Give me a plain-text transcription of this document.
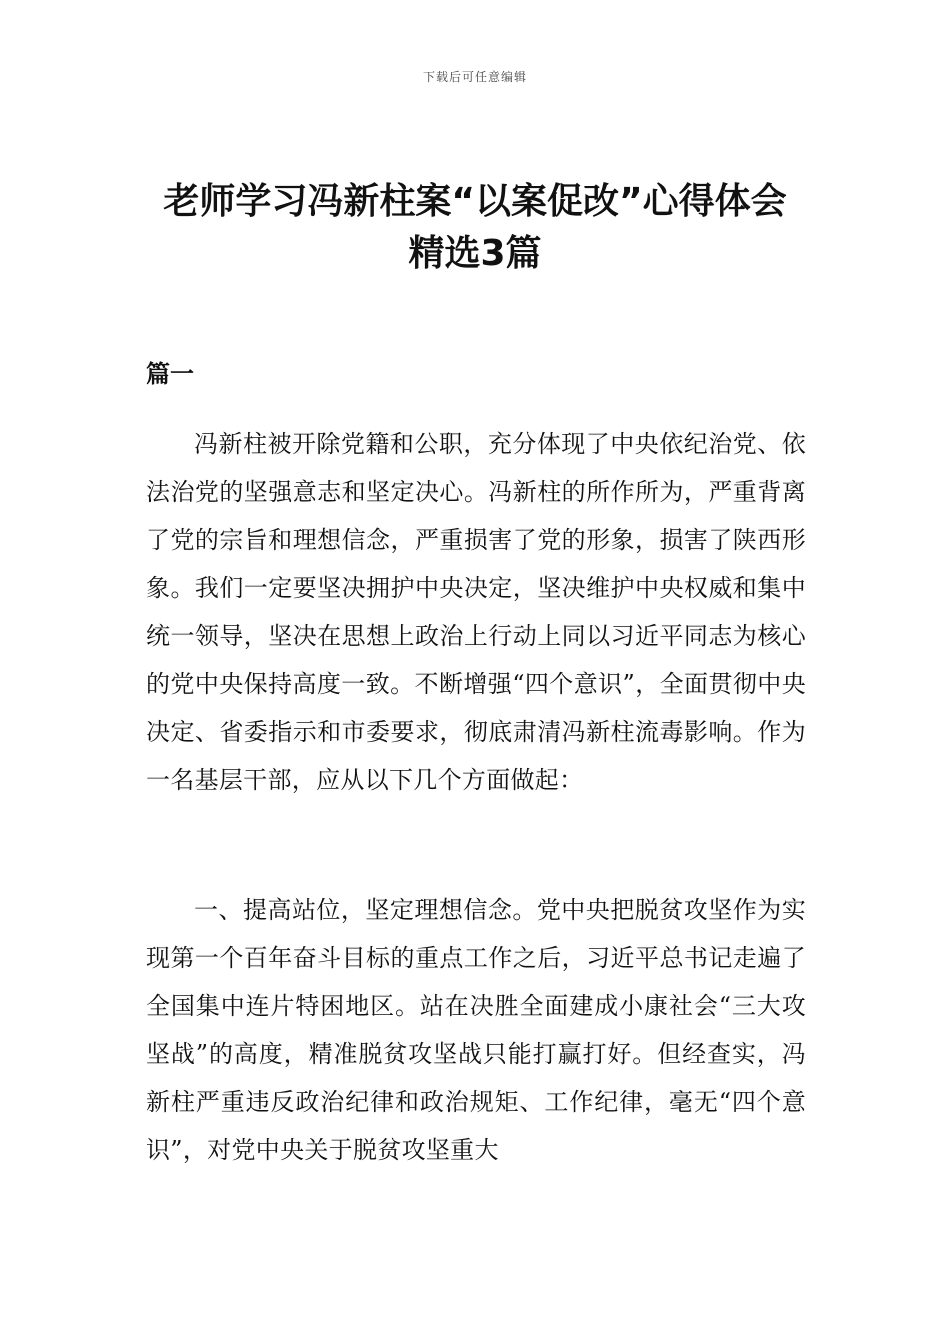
下载后可任意编辑
老师学习冯新柱案“以案促改”心得体会
精选3篇
篇一

冯新柱被开除党籍和公职，充分体现了中央依纪治党、依法治党的坚强意志和坚定决心。冯新柱的所作所为，严重背离了党的宗旨和理想信念，严重损害了党的形象，损害了陕西形象。我们一定要坚决拥护中央决定，坚决维护中央权威和集中统一领导，坚决在思想上政治上行动上同以习近平同志为核心的党中央保持高度一致。不断增强“四个意识”，全面贯彻中央决定、省委指示和市委要求，彻底肃清冯新柱流毒影响。作为一名基层干部，应从以下几个方面做起：

一、提高站位，坚定理想信念。党中央把脱贫攻坚作为实现第一个百年奋斗目标的重点工作之后，习近平总书记走遍了全国集中连片特困地区。站在决胜全面建成小康社会“三大攻坚战”的高度，精准脱贫攻坚战只能打赢打好。但经查实，冯新柱严重违反政治纪律和政治规矩、工作纪律，毫无“四个意识”，对党中央关于脱贫攻坚重大
